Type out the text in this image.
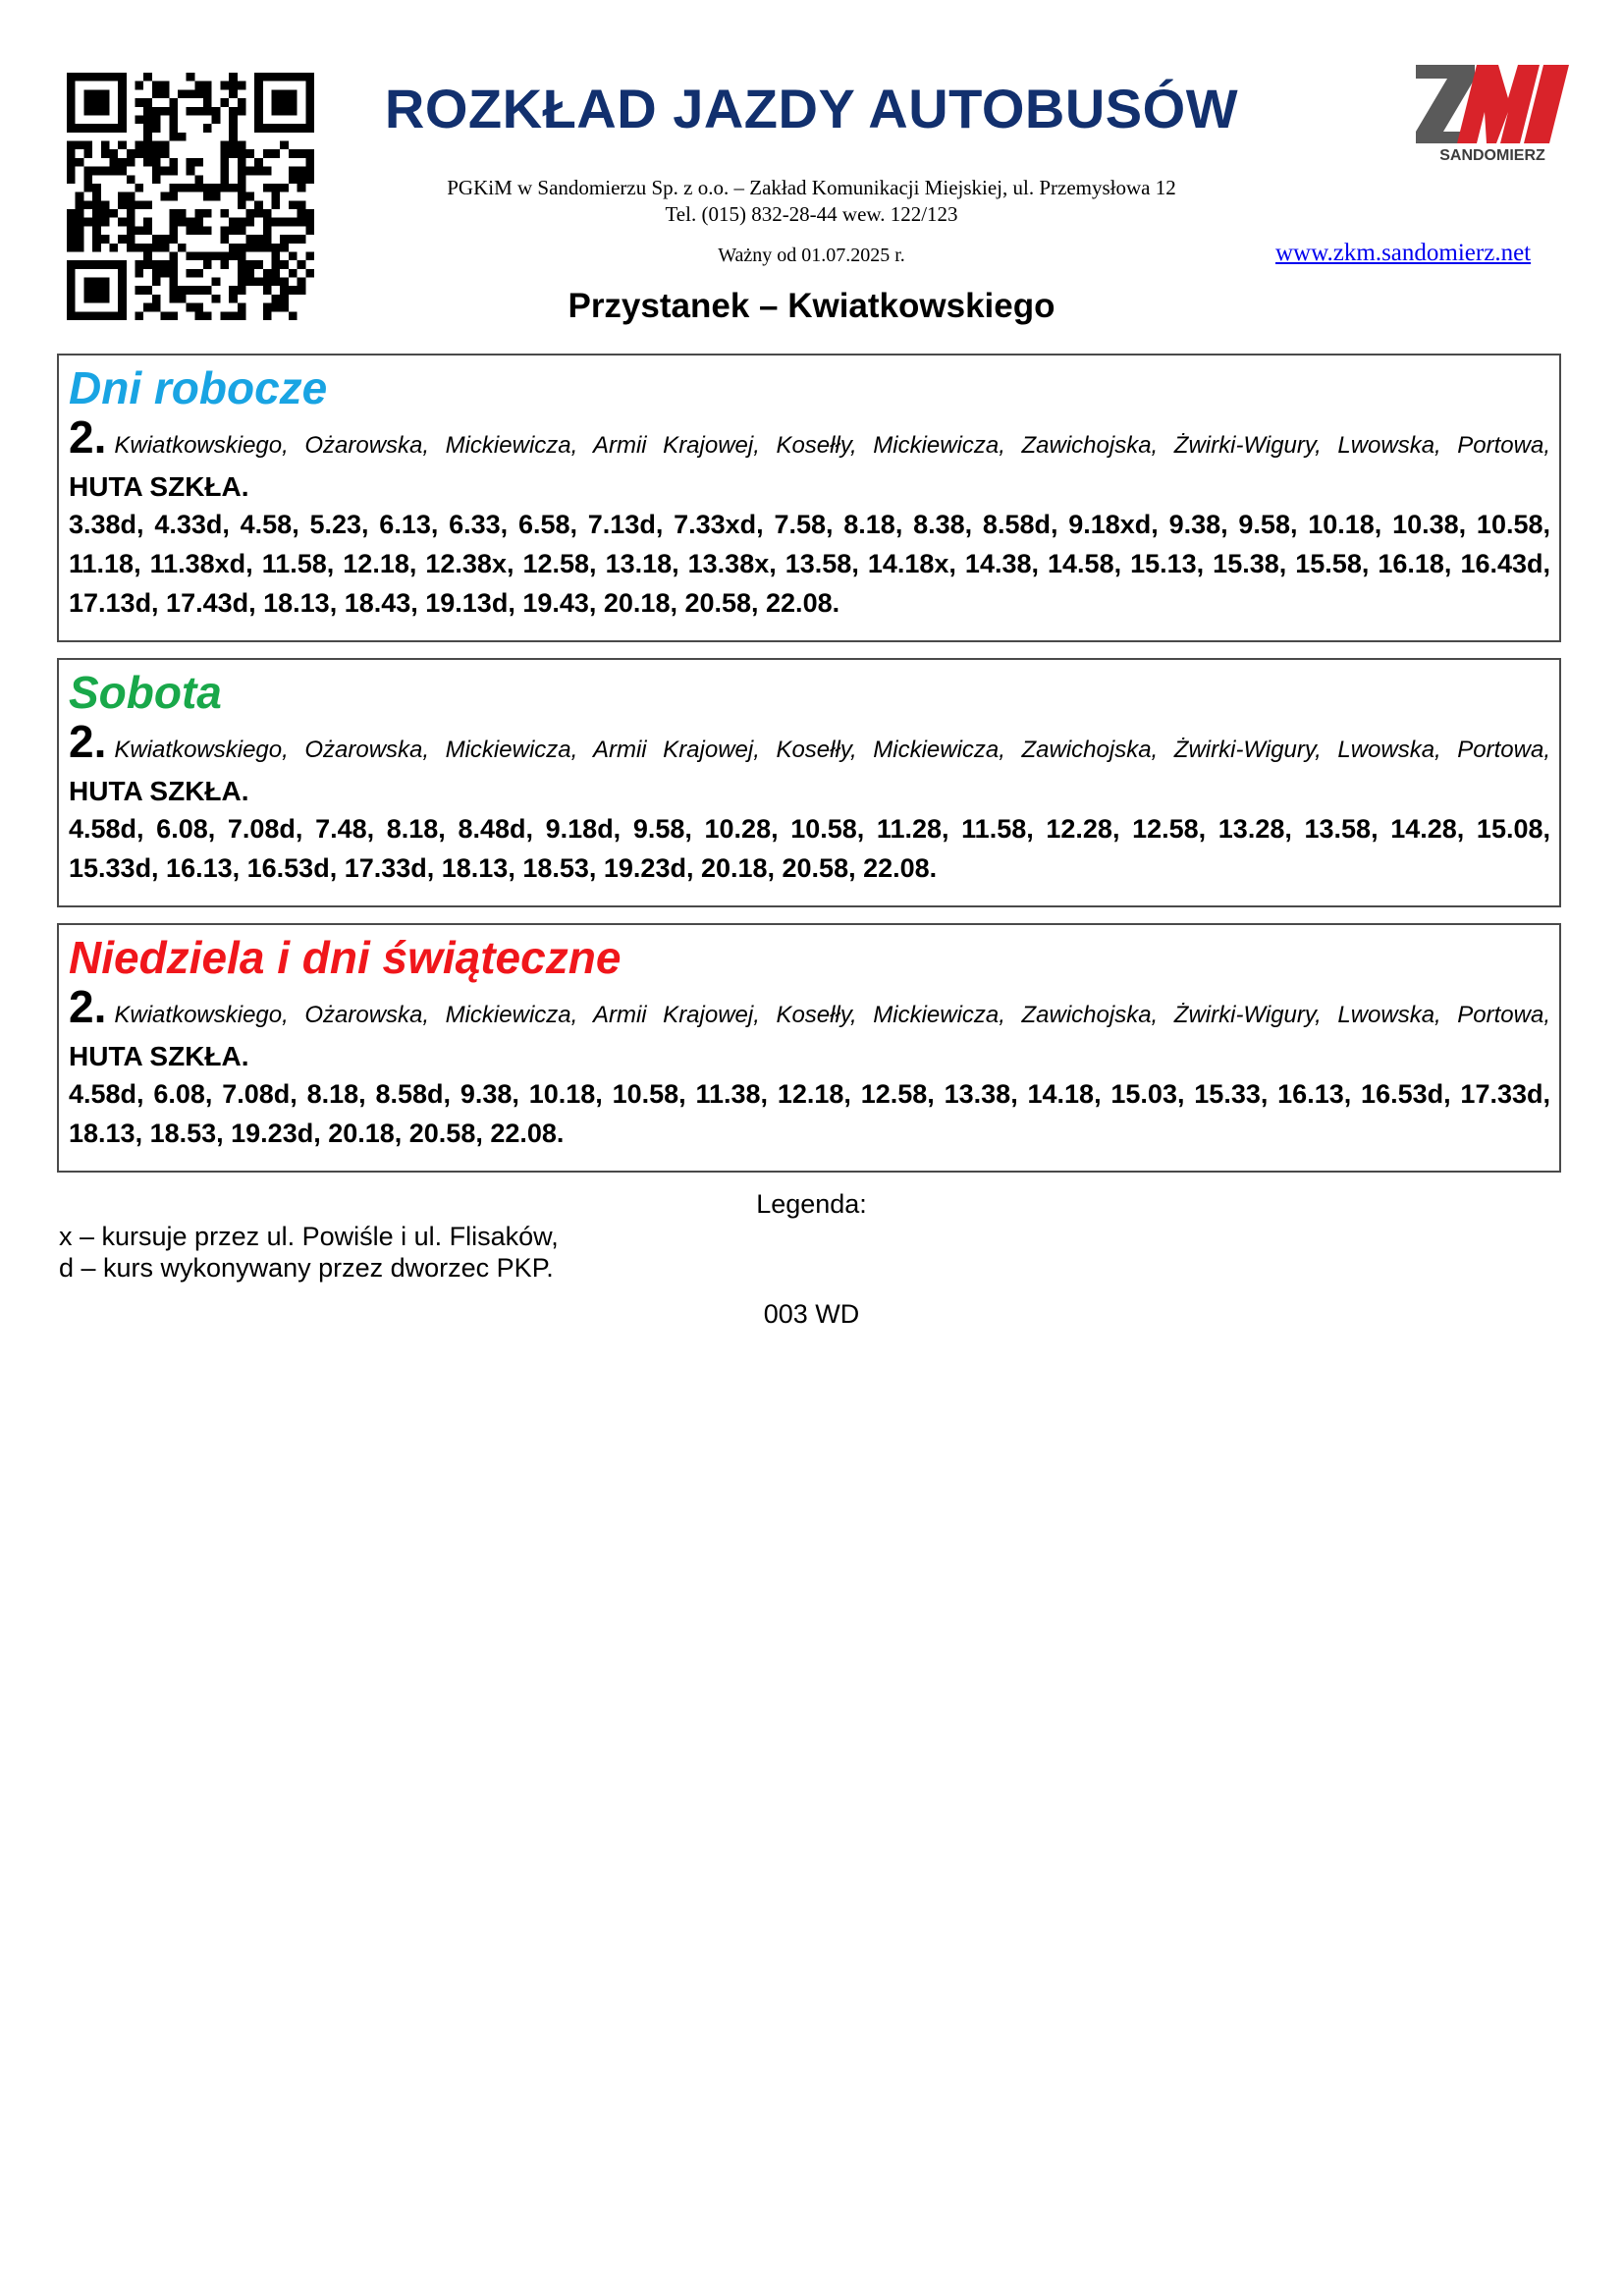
SANDOMIERZ
ROZKŁAD JAZDY AUTOBUSÓW
PGKiM w Sandomierzu Sp. z o.o. – Zakład Komunikacji Miejskiej, ul. Przemysłowa 12
Tel. (015) 832-28-44 wew. 122/123
Ważny od 01.07.2025 r.	www.zkm.sandomierz.net
Przystanek – Kwiatkowskiego
Dni robocze
2. Kwiatkowskiego, Ożarowska, Mickiewicza, Armii Krajowej, Kosełły, Mickiewicza, Zawichojska, Żwirki-Wigury, Lwowska, Portowa,
HUTA SZKŁA.
3.38d, 4.33d, 4.58, 5.23, 6.13, 6.33, 6.58, 7.13d, 7.33xd, 7.58, 8.18, 8.38, 8.58d, 9.18xd, 9.38, 9.58, 10.18, 10.38, 10.58, 11.18, 11.38xd, 11.58, 12.18, 12.38x, 12.58, 13.18, 13.38x, 13.58, 14.18x, 14.38, 14.58, 15.13, 15.38, 15.58, 16.18, 16.43d, 17.13d, 17.43d, 18.13, 18.43, 19.13d, 19.43, 20.18, 20.58, 22.08.
Sobota
2. Kwiatkowskiego, Ożarowska, Mickiewicza, Armii Krajowej, Kosełły, Mickiewicza, Zawichojska, Żwirki-Wigury, Lwowska, Portowa,
HUTA SZKŁA.
4.58d, 6.08, 7.08d, 7.48, 8.18, 8.48d, 9.18d, 9.58, 10.28, 10.58, 11.28, 11.58, 12.28, 12.58, 13.28, 13.58, 14.28, 15.08, 15.33d, 16.13, 16.53d, 17.33d, 18.13, 18.53, 19.23d, 20.18, 20.58, 22.08.
Niedziela i dni świąteczne
2. Kwiatkowskiego, Ożarowska, Mickiewicza, Armii Krajowej, Kosełły, Mickiewicza, Zawichojska, Żwirki-Wigury, Lwowska, Portowa,
HUTA SZKŁA.
4.58d, 6.08, 7.08d, 8.18, 8.58d, 9.38, 10.18, 10.58, 11.38, 12.18, 12.58, 13.38, 14.18, 15.03, 15.33, 16.13, 16.53d, 17.33d, 18.13, 18.53, 19.23d, 20.18, 20.58, 22.08.
Legenda:
x – kursuje przez ul. Powiśle i ul. Flisaków,
d – kurs wykonywany przez dworzec PKP.
003 WD
